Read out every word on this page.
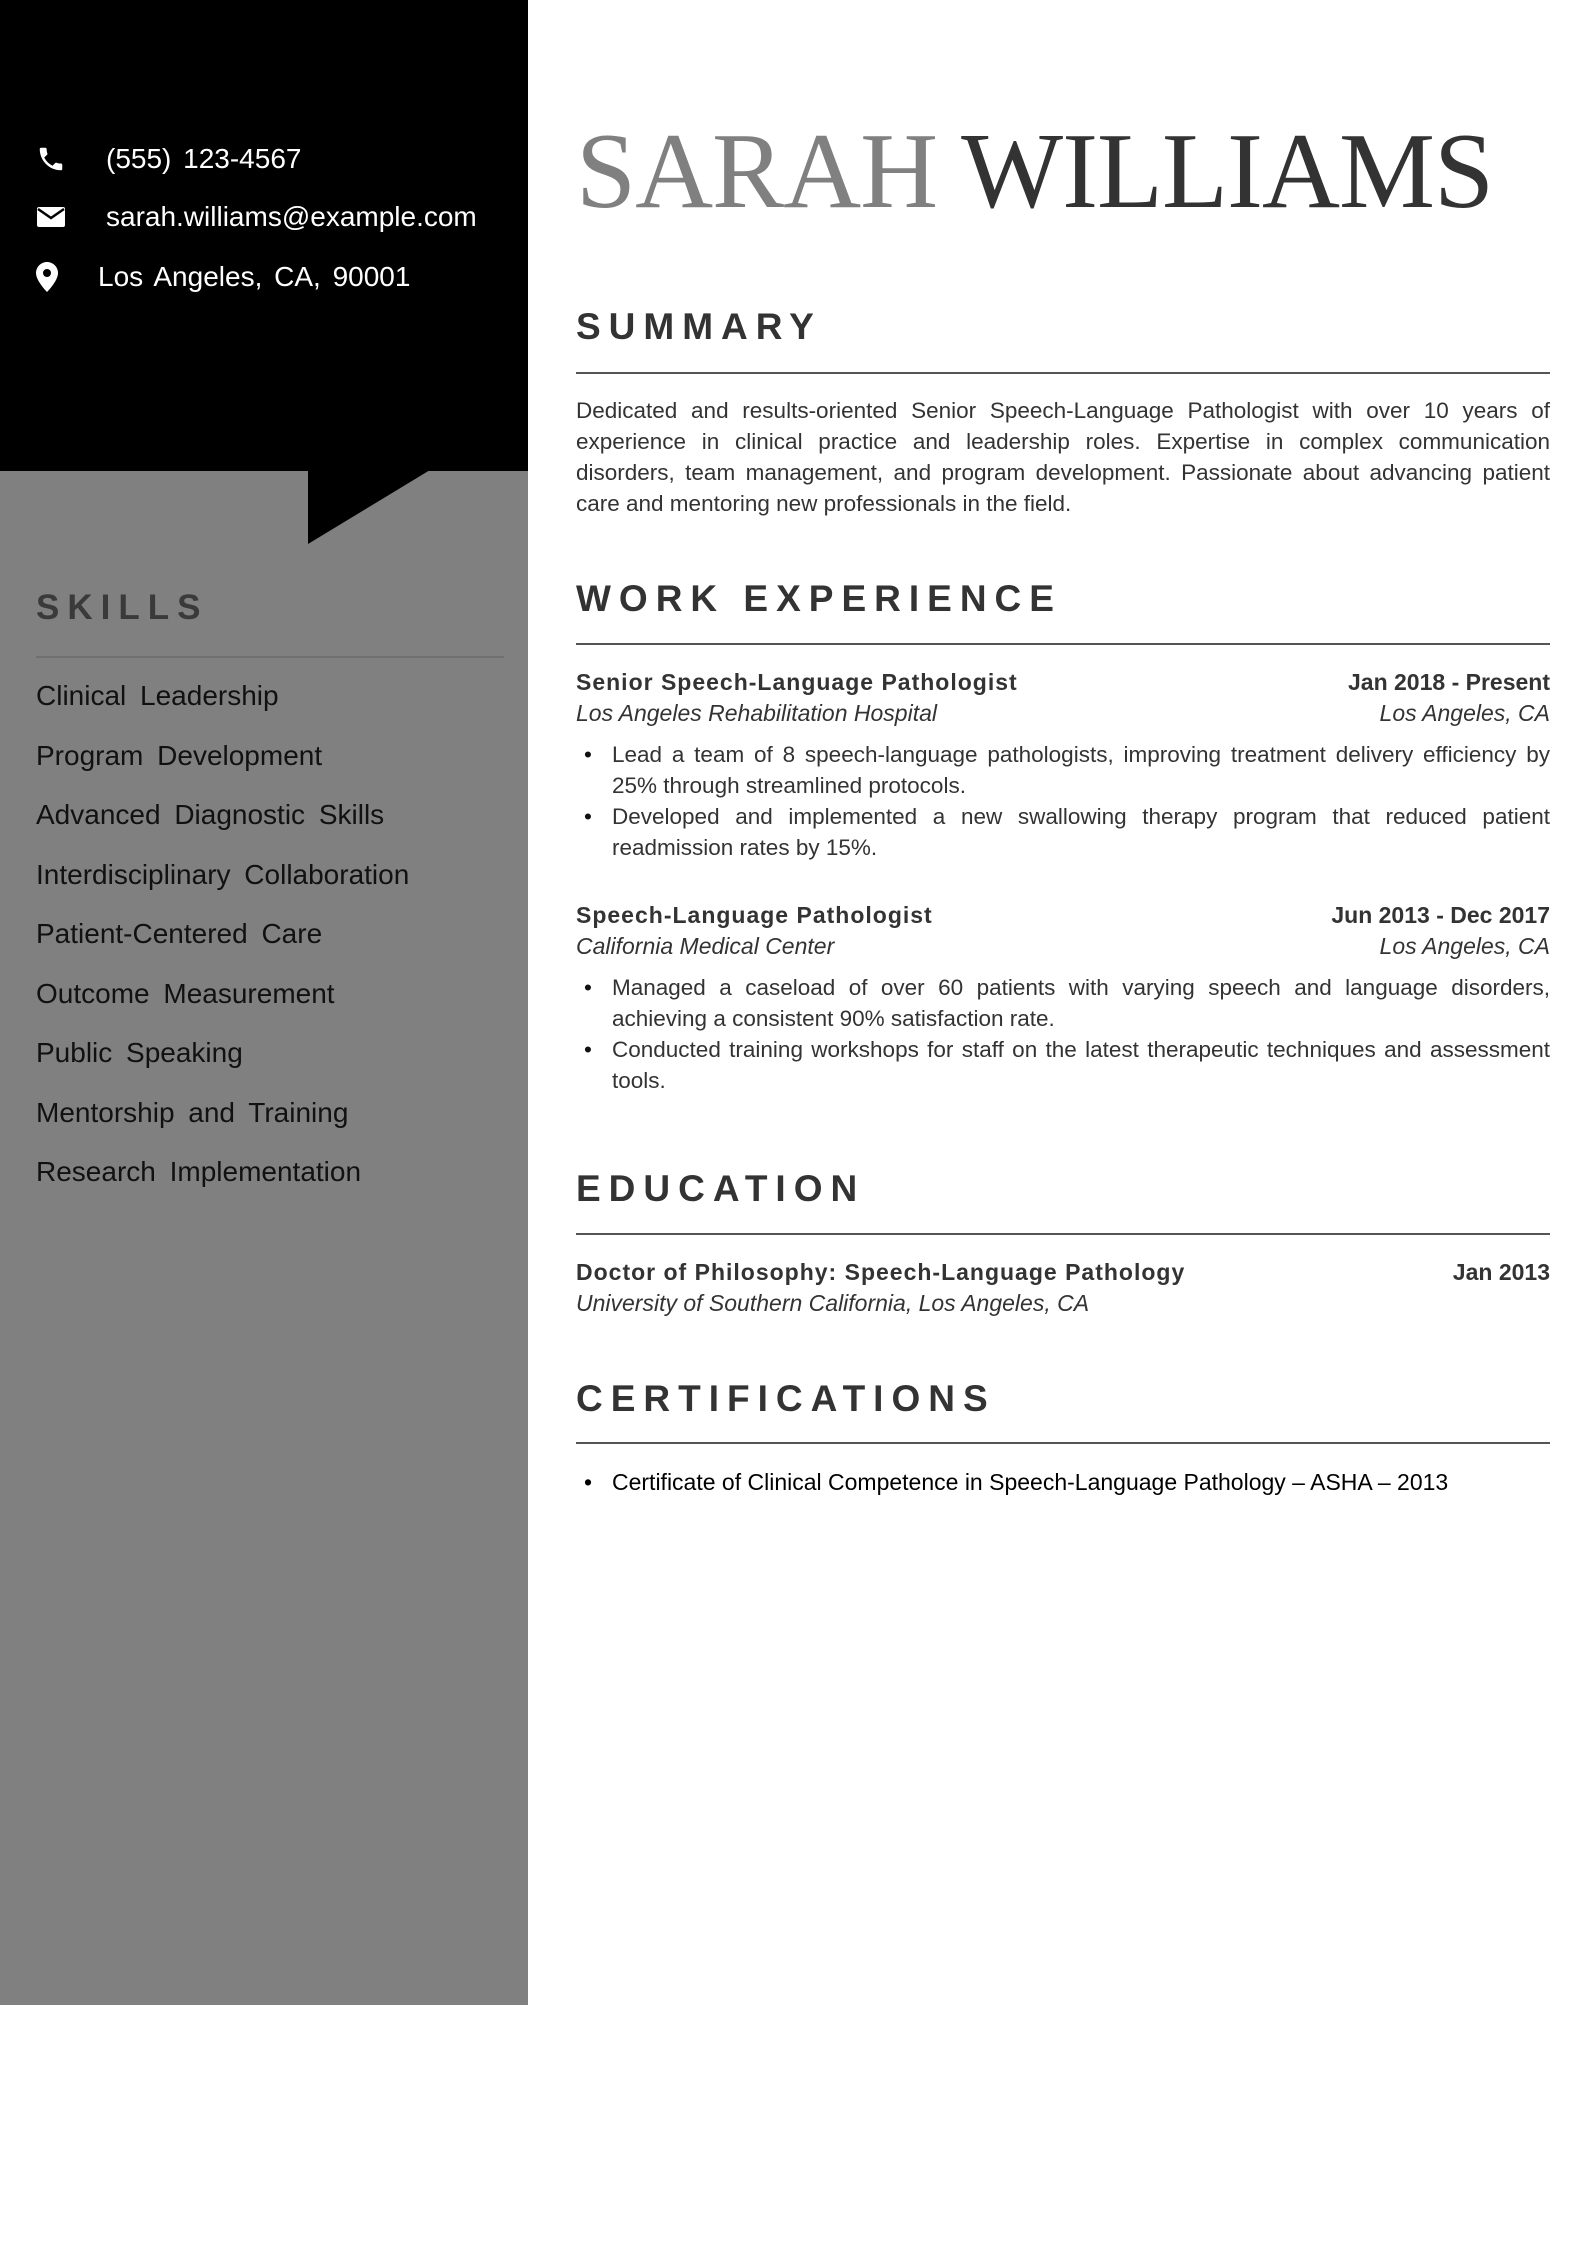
(555) 123-4567
sarah.williams@example.com
Los Angeles, CA, 90001
SKILLS
Clinical Leadership
Program Development
Advanced Diagnostic Skills
Interdisciplinary Collaboration
Patient-Centered Care
Outcome Measurement
Public Speaking
Mentorship and Training
Research Implementation
SARAH WILLIAMS
SUMMARY

Dedicated and results-oriented Senior Speech-Language Pathologist with over 10 years of experience in clinical practice and leadership roles. Expertise in complex communication disorders, team management, and program development. Passionate about advancing patient care and mentoring new professionals in the field.

WORK EXPERIENCE
Senior Speech-Language Pathologist	Jan 2018 - Present
Los Angeles Rehabilitation Hospital	Los Angeles, CA
• Lead a team of 8 speech-language pathologists, improving treatment delivery efficiency by 25% through streamlined protocols.
• Developed and implemented a new swallowing therapy program that reduced patient readmission rates by 15%.
Speech-Language Pathologist	Jun 2013 - Dec 2017
California Medical Center	Los Angeles, CA
• Managed a caseload of over 60 patients with varying speech and language disorders, achieving a consistent 90% satisfaction rate.
• Conducted training workshops for staff on the latest therapeutic techniques and assessment tools.
EDUCATION
Doctor of Philosophy: Speech-Language Pathology	Jan 2013
University of Southern California, Los Angeles, CA
CERTIFICATIONS
• Certificate of Clinical Competence in Speech-Language Pathology – ASHA – 2013
